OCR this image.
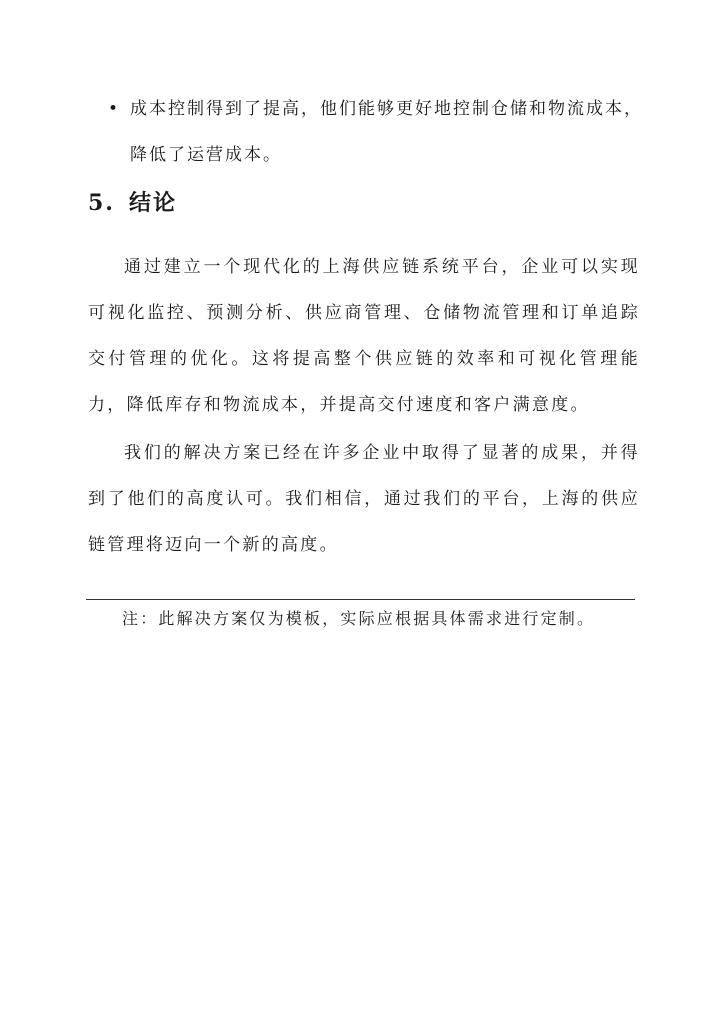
• 成本控制得到了提高，他们能够更好地控制仓储和物流成本，降低了运营成本。
5. 结论

通过建立一个现代化的上海供应链系统平台，企业可以实现可视化监控、预测分析、供应商管理、仓储物流管理和订单追踪交付管理的优化。这将提高整个供应链的效率和可视化管理能力，降低库存和物流成本，并提高交付速度和客户满意度。

我们的解决方案已经在许多企业中取得了显著的成果，并得到了他们的高度认可。我们相信，通过我们的平台，上海的供应链管理将迈向一个新的高度。

注：此解决方案仅为模板，实际应根据具体需求进行定制。
